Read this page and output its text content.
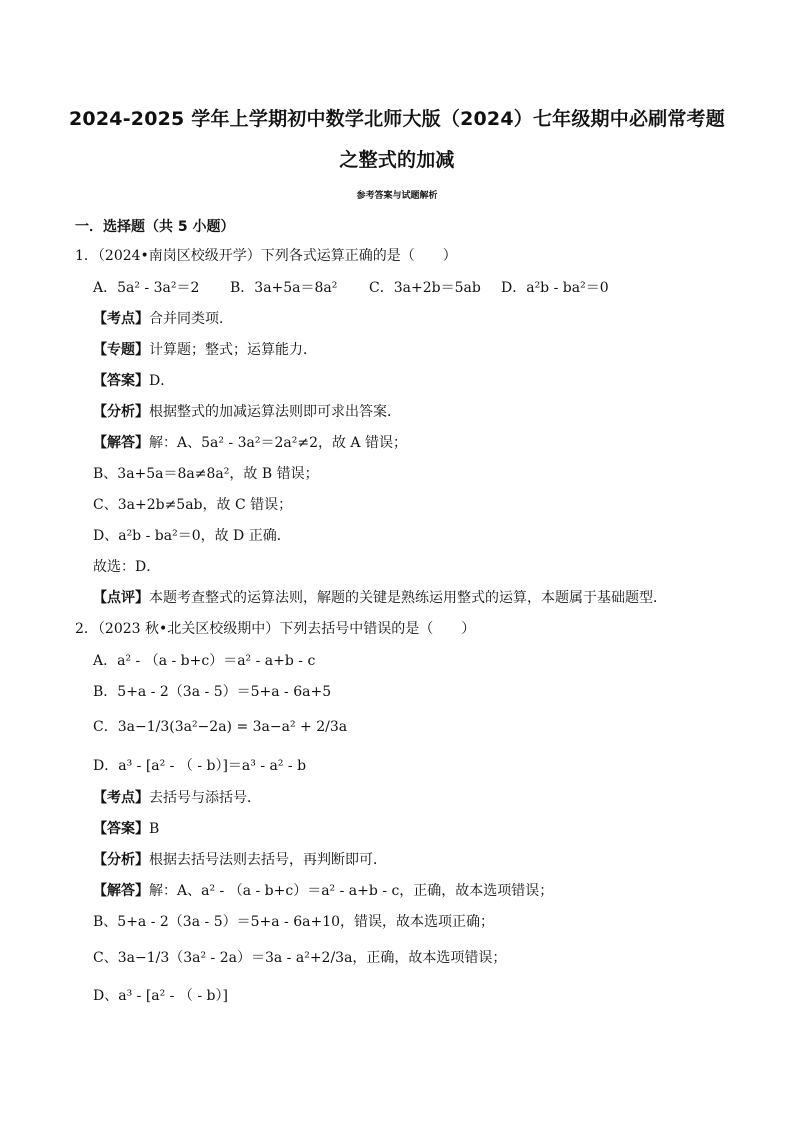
2024-2025 学年上学期初中数学北师大版（2024）七年级期中必刷常考题
之整式的加减
参考答案与试题解析
一．选择题（共 5 小题）
1．（2024•南岗区校级开学）下列各式运算正确的是（　　）
A．5a² - 3a²＝2 B．3a+5a＝8a² C．3a+2b＝5ab D．a²b - ba²＝0
【考点】合并同类项．
【专题】计算题；整式；运算能力．
【答案】D．
【分析】根据整式的加减运算法则即可求出答案．
【解答】解：A、5a² - 3a²＝2a²≠2，故 A 错误；
B、3a+5a＝8a≠8a²，故 B 错误；
C、3a+2b≠5ab，故 C 错误；
D、a²b - ba²＝0，故 D 正确．
故选：D．
【点评】本题考查整式的运算法则，解题的关键是熟练运用整式的运算，本题属于基础题型．
2．（2023 秋•北关区校级期中）下列去括号中错误的是（　　）
A．a² - （a - b+c）＝a² - a+b - c
B．5+a - 2（3a - 5）＝5+a - 6a+5
C．3a−1/3(3a²−2a) = 3a−a² + 2/3a
D．a³ - [a² - （ - b）]＝a³ - a² - b
【考点】去括号与添括号．
【答案】B
【分析】根据去括号法则去括号，再判断即可．
【解答】解：A、a² - （a - b+c）＝a² - a+b - c，正确，故本选项错误；
B、5+a - 2（3a - 5）＝5+a - 6a+10，错误，故本选项正确；
C、3a−1/3（3a² - 2a）＝3a - a²+2/3a，正确，故本选项错误；
D、a³ - [a² - （ - b）]
